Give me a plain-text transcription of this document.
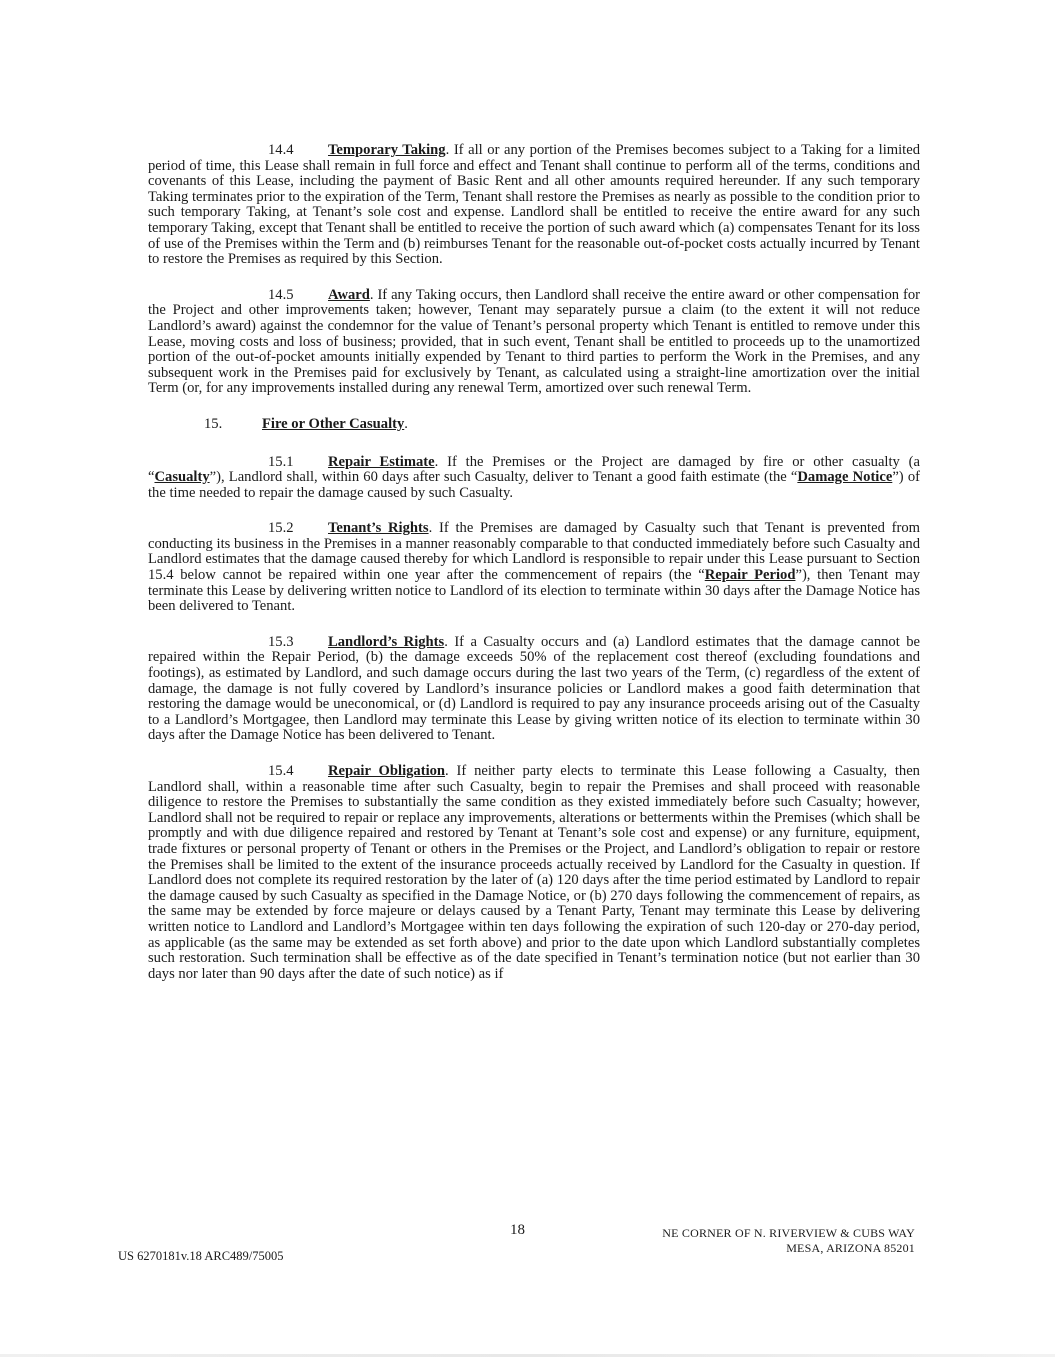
14.4 Temporary Taking. If all or any portion of the Premises becomes subject to a Taking for a limited period of time, this Lease shall remain in full force and effect and Tenant shall continue to perform all of the terms, conditions and covenants of this Lease, including the payment of Basic Rent and all other amounts required hereunder. If any such temporary Taking terminates prior to the expiration of the Term, Tenant shall restore the Premises as nearly as possible to the condition prior to such temporary Taking, at Tenant’s sole cost and expense. Landlord shall be entitled to receive the entire award for any such temporary Taking, except that Tenant shall be entitled to receive the portion of such award which (a) compensates Tenant for its loss of use of the Premises within the Term and (b) reimburses Tenant for the reasonable out-of-pocket costs actually incurred by Tenant to restore the Premises as required by this Section.

14.5 Award. If any Taking occurs, then Landlord shall receive the entire award or other compensation for the Project and other improvements taken; however, Tenant may separately pursue a claim (to the extent it will not reduce Landlord’s award) against the condemnor for the value of Tenant’s personal property which Tenant is entitled to remove under this Lease, moving costs and loss of business; provided, that in such event, Tenant shall be entitled to proceeds up to the unamortized portion of the out-of-pocket amounts initially expended by Tenant to third parties to perform the Work in the Premises, and any subsequent work in the Premises paid for exclusively by Tenant, as calculated using a straight-line amortization over the initial Term (or, for any improvements installed during any renewal Term, amortized over such renewal Term.

15.	Fire or Other Casualty.

15.1 Repair Estimate. If the Premises or the Project are damaged by fire or other casualty (a “Casualty”), Landlord shall, within 60 days after such Casualty, deliver to Tenant a good faith estimate (the “Damage Notice”) of the time needed to repair the damage caused by such Casualty.

15.2 Tenant’s Rights. If the Premises are damaged by Casualty such that Tenant is prevented from conducting its business in the Premises in a manner reasonably comparable to that conducted immediately before such Casualty and Landlord estimates that the damage caused thereby for which Landlord is responsible to repair under this Lease pursuant to Section 15.4 below cannot be repaired within one year after the commencement of repairs (the “Repair Period”), then Tenant may terminate this Lease by delivering written notice to Landlord of its election to terminate within 30 days after the Damage Notice has been delivered to Tenant.

15.3 Landlord’s Rights. If a Casualty occurs and (a) Landlord estimates that the damage cannot be repaired within the Repair Period, (b) the damage exceeds 50% of the replacement cost thereof (excluding foundations and footings), as estimated by Landlord, and such damage occurs during the last two years of the Term, (c) regardless of the extent of damage, the damage is not fully covered by Landlord’s insurance policies or Landlord makes a good faith determination that restoring the damage would be uneconomical, or (d) Landlord is required to pay any insurance proceeds arising out of the Casualty to a Landlord’s Mortgagee, then Landlord may terminate this Lease by giving written notice of its election to terminate within 30 days after the Damage Notice has been delivered to Tenant.

15.4 Repair Obligation. If neither party elects to terminate this Lease following a Casualty, then Landlord shall, within a reasonable time after such Casualty, begin to repair the Premises and shall proceed with reasonable diligence to restore the Premises to substantially the same condition as they existed immediately before such Casualty; however, Landlord shall not be required to repair or replace any improvements, alterations or betterments within the Premises (which shall be promptly and with due diligence repaired and restored by Tenant at Tenant’s sole cost and expense) or any furniture, equipment, trade fixtures or personal property of Tenant or others in the Premises or the Project, and Landlord’s obligation to repair or restore the Premises shall be limited to the extent of the insurance proceeds actually received by Landlord for the Casualty in question. If Landlord does not complete its required restoration by the later of (a) 120 days after the time period estimated by Landlord to repair the damage caused by such Casualty as specified in the Damage Notice, or (b) 270 days following the commencement of repairs, as the same may be extended by force majeure or delays caused by a Tenant Party, Tenant may terminate this Lease by delivering written notice to Landlord and Landlord’s Mortgagee within ten days following the expiration of such 120-day or 270-day period, as applicable (as the same may be extended as set forth above) and prior to the date upon which Landlord substantially completes such restoration. Such termination shall be effective as of the date specified in Tenant’s termination notice (but not earlier than 30 days nor later than 90 days after the date of such notice) as if

18	NE CORNER OF N. RIVERVIEW & CUBS WAY
MESA, ARIZONA 85201
US 6270181v.18 ARC489/75005
